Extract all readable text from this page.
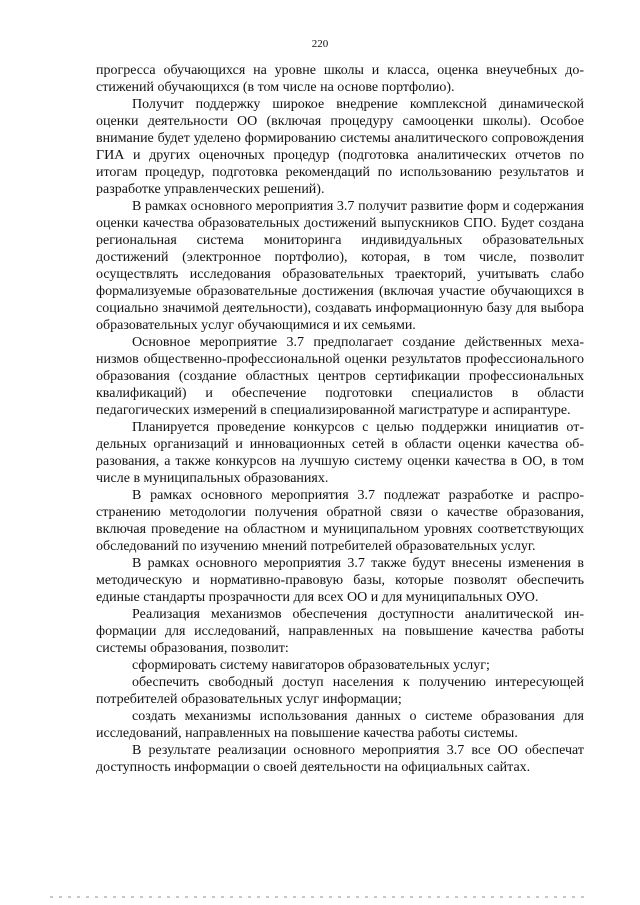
220

прогресса обучающихся на уровне школы и класса, оценка внеучебных достижений обучающихся (в том числе на основе портфолио).

Получит поддержку широкое внедрение комплексной динамической оценки деятельности ОО (включая процедуру самооценки школы). Особое внимание будет уделено формированию системы аналитического сопровождения ГИА и других оценочных процедур (подготовка аналитических отчетов по итогам процедур, подготовка рекомендаций по использованию результатов и разработке управленческих решений).

В рамках основного мероприятия 3.7 получит развитие форм и содержания оценки качества образовательных достижений выпускников СПО. Будет создана региональная система мониторинга индивидуальных образовательных достижений (электронное портфолио), которая, в том числе, позволит осуществлять исследования образовательных траекторий, учитывать слабо формализуемые образовательные достижения (включая участие обучающихся в социально значимой деятельности), создавать информационную базу для выбора образовательных услуг обучающимися и их семьями.

Основное мероприятие 3.7 предполагает создание действенных механизмов общественно-профессиональной оценки результатов профессионального образования (создание областных центров сертификации профессиональных квалификаций) и обеспечение подготовки специалистов в области педагогических измерений в специализированной магистратуре и аспирантуре.

Планируется проведение конкурсов с целью поддержки инициатив отдельных организаций и инновационных сетей в области оценки качества образования, а также конкурсов на лучшую систему оценки качества в ОО, в том числе в муниципальных образованиях.

В рамках основного мероприятия 3.7 подлежат разработке и распространению методологии получения обратной связи о качестве образования, включая проведение на областном и муниципальном уровнях соответствующих обследований по изучению мнений потребителей образовательных услуг.

В рамках основного мероприятия 3.7 также будут внесены изменения в методическую и нормативно-правовую базы, которые позволят обеспечить единые стандарты прозрачности для всех ОО и для муниципальных ОУО.

Реализация механизмов обеспечения доступности аналитической информации для исследований, направленных на повышение качества работы системы образования, позволит:

сформировать систему навигаторов образовательных услуг;

обеспечить свободный доступ населения к получению интересующей потребителей образовательных услуг информации;

создать механизмы использования данных о системе образования для исследований, направленных на повышение качества работы системы.

В результате реализации основного мероприятия 3.7 все ОО обеспечат доступность информации о своей деятельности на официальных сайтах.
